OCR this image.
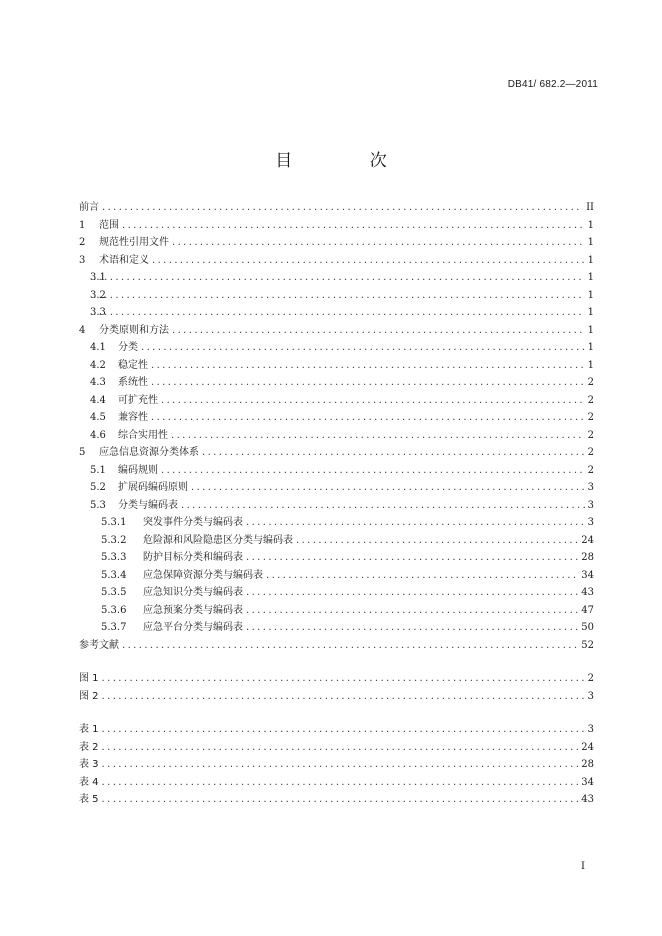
DB41/ 682.2—2011
目 次
前言 .....	II
1	范围 .....	1
2	规范性引用文件 .....	1
3	术语和定义 .....	1
3.1 .....	1
3.2 .....	1
3.3 .....	1
4	分类原则和方法 .....	1
4.1	分类 .....	1
4.2	稳定性 .....	1
4.3	系统性 .....	2
4.4	可扩充性 .....	2
4.5	兼容性 .....	2
4.6	综合实用性 .....	2
5	应急信息资源分类体系 .....	2
5.1	编码规则 .....	2
5.2	扩展码编码原则 .....	3
5.3	分类与编码表 .....	3
5.3.1	突发事件分类与编码表 .....	3
5.3.2	危险源和风险隐患区分类与编码表 .....	24
5.3.3	防护目标分类和编码表 .....	28
5.3.4	应急保障资源分类与编码表 .....	34
5.3.5	应急知识分类与编码表 .....	43
5.3.6	应急预案分类与编码表 .....	47
5.3.7	应急平台分类与编码表 .....	50
参考文献 .....	52
图 1 .....	2
图 2 .....	3
表 1 .....	3
表 2 .....	24
表 3 .....	28
表 4 .....	34
表 5 .....	43
I
